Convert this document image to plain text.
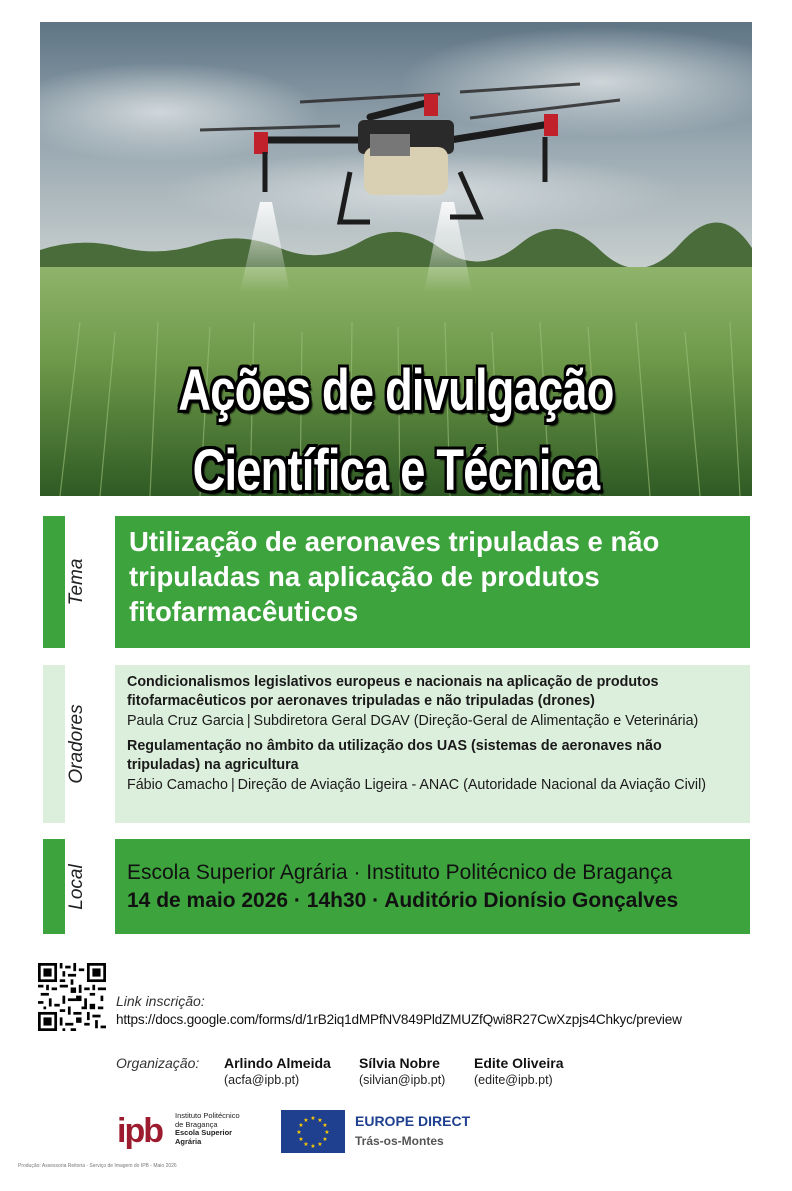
Ações de divulgação
Científica e Técnica
Tema
Utilização de aeronaves tripuladas e não tripuladas na aplicação de produtos fitofarmacêuticos
Oradores
Condicionalismos legislativos europeus e nacionais na aplicação de produtos fitofarmacêuticos por aeronaves tripuladas e não tripuladas (drones)
Paula Cruz Garcia | Subdiretora Geral DGAV (Direção-Geral de Alimentação e Veterinária)
Regulamentação no âmbito da utilização dos UAS (sistemas de aeronaves não tripuladas) na agricultura
Fábio Camacho | Direção de Aviação Ligeira - ANAC (Autoridade Nacional da Aviação Civil)
Local Escola Superior Agrária · Instituto Politécnico de Bragança
14 de maio 2026 · 14h30 · Auditório Dionísio Gonçalves
Link inscrição:
https://docs.google.com/forms/d/1rB2iq1dMPfNV849PldZMUZfQwi8R27CwXzpjs4Chkyc/preview
Organização: Arlindo Almeida
(acfa@ipb.pt)
Sílvia Nobre
(silvian@ipb.pt)
Edite Oliveira
(edite@ipb.pt)
ipb Instituto Politécnico
de Bragança
Escola Superior
Agrária
★ ★
★
★
★
★
★
★
★
★
★
★	EUROPE DIRECT
Trás-os-Montes
Produção: Assessoria Reitoria · Serviço de Imagem do IPB - Maio 2026
